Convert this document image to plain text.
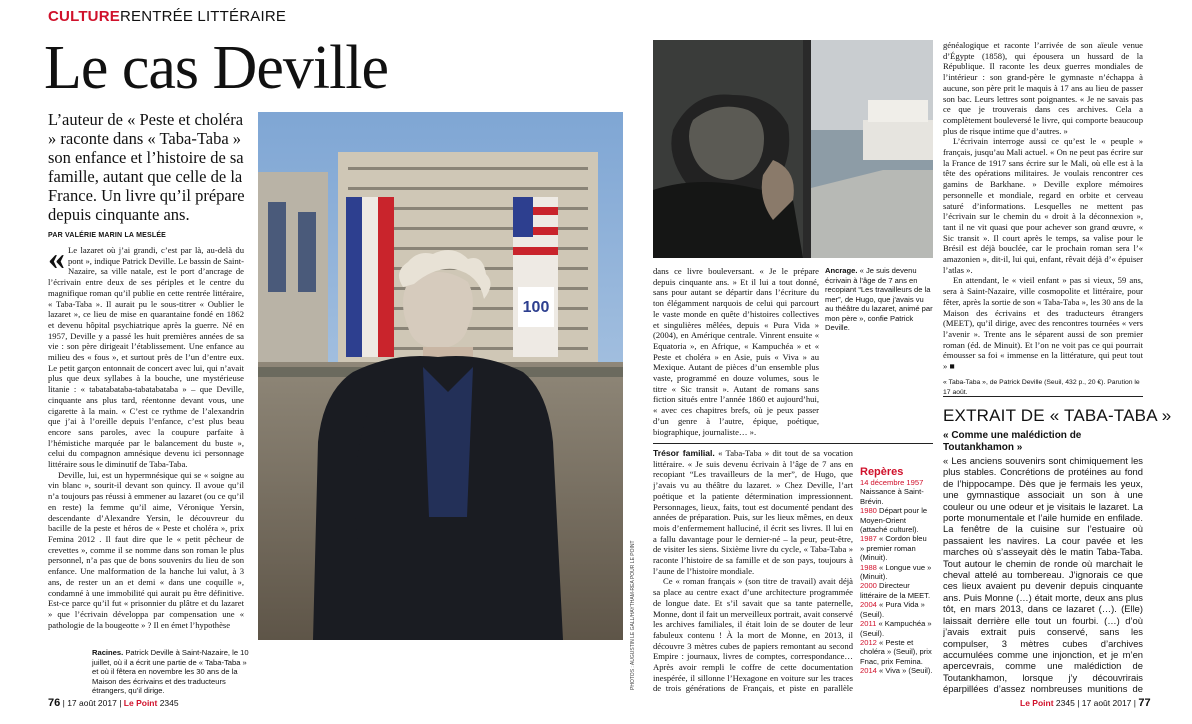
CULTURERENTRÉE LITTÉRAIRE
Le cas Deville
L’auteur de « Peste et choléra » raconte dans « Taba-Taba » son enfance et l’histoire de sa famille, autant que celle de la France. Un livre qu’il prépare depuis cinquante ans.
PAR VALÉRIE MARIN LA MESLÉE

« Le lazaret où j’ai grandi, c’est par là, au-delà du pont », indique Patrick Deville. Le bassin de Saint-Nazaire, sa ville natale, est le port d’ancrage de l’écrivain entre deux de ses périples et le centre du magnifique roman qu’il publie en cette rentrée littéraire, « Taba-Taba ». Il aurait pu le sous-titrer « Oublier le lazaret », ce lieu de mise en quarantaine fondé en 1862 et devenu hôpital psychiatrique après la guerre. Né en 1957, Deville y a passé les huit premières années de sa vie : son père dirigeait l’établissement. Une enfance au milieu des « fous », et surtout près de l’un d’entre eux. Le petit garçon entonnait de concert avec lui, qui n’avait plus que deux syllabes à la bouche, une mystérieuse litanie : « tabatabataba-tabatabataba » – que Deville, cinquante ans plus tard, réentonne devant vous, une cigarette à la main. « C’est ce rythme de l’alexandrin que j’ai à l’oreille depuis l’enfance, c’est plus beau encore sans paroles, avec la coupure parfaite à l’hémistiche marquée par le balancement du buste », celui du compagnon amnésique devenu ici personnage littéraire sous le diminutif de Taba-Taba.

Deville, lui, est un hypermnésique qui se « soigne au vin blanc », sourit-il devant son quincy. Il avoue qu’il n’a toujours pas réussi à emmener au lazaret (ou ce qu’il en reste) la femme qu’il aime, Véronique Yersin, descendante d’Alexandre Yersin, le découvreur du bacille de la peste et héros de « Peste et choléra », prix Femina 2012 . Il faut dire que le « petit pêcheur de crevettes », comme il se nomme dans son roman le plus personnel, n’a pas que de bons souvenirs du lieu de son enfance. Une malformation de la hanche lui valut, à 3 ans, de rester un an et demi « dans une coquille », condamné à une immobilité qui aurait pu être définitive. Est-ce parce qu’il fut « prisonnier du plâtre et du lazaret » que l’écrivain développa par compensation une « pathologie de la bougeotte » ? Il en émet l’hypothèse

100
Racines. Patrick Deville à Saint-Nazaire, le 10 juillet, où il a écrit une partie de « Taba-Taba » et où il fêtera en novembre les 30 ans de la Maison des écrivains et des traducteurs étrangers, qu’il dirige.
76 | 17 août 2017 | Le Point 2345
PHOTOS : AUGUSTIN LE GALL/HAYTHAM-REA POUR LE POINT
Ancrage. « Je suis devenu écrivain à l’âge de 7 ans en recopiant “Les travailleurs de la mer”, de Hugo, que j’avais vu au théâtre du lazaret, animé par mon père », confie Patrick Deville.

dans ce livre bouleversant. « Je le prépare depuis cinquante ans. » Et il lui a tout donné, sans pour autant se départir dans l’écriture du ton élégamment narquois de celui qui parcourt le vaste monde en quête d’histoires collectives et singulières mêlées, depuis « Pura Vida » (2004), en Amérique centrale. Vinrent ensuite « Equatoria », en Afrique, « Kampuchéa » et « Peste et choléra » en Asie, puis « Viva » au Mexique. Autant de pièces d’un ensemble plus vaste, programmé en douze volumes, sous le titre « Sic transit ». Autant de romans sans fiction situés entre l’année 1860 et aujourd’hui, « avec ces chapitres brefs, où je peux passer d’un genre à l’autre, épique, poétique, biographique, journaliste… ».

Trésor familial. « Taba-Taba » dit tout de sa vocation littéraire. « Je suis devenu écrivain à l’âge de 7 ans en recopiant “Les travailleurs de la mer”, de Hugo, que j’avais vu au théâtre du lazaret. » Chez Deville, l’art poétique et la patiente détermination impressionnent. Personnages, lieux, faits, tout est documenté pendant des années de préparation. Puis, sur les lieux mêmes, en deux mois d’enfermement halluciné, il écrit ses livres. Il lui en a fallu davantage pour le dernier-né – la peur, peut-être, de visiter les siens. Sixième livre du cycle, « Taba-Taba » raconte l’histoire de sa famille et de son pays, toujours à l’aune de l’histoire mondiale.

Ce « roman français » (son titre de travail) avait déjà sa place au centre exact d’une architecture programmée de longue date. Et s’il savait que sa tante paternelle, Monne, dont il fait un merveilleux portrait, avait conservé les archives familiales, il était loin de se douter de leur fabuleux contenu ! À la mort de Monne, en 2013, il découvre 3 mètres cubes de papiers remontant au second Empire : journaux, livres de comptes, correspondance… Après avoir rempli le coffre de cette documentation inespérée, il sillonne l’Hexagone en voiture sur les traces de trois générations de Français, et piste en parallèle

Repères
14 décembre 1957 Naissance à Saint-Brévin.
1980 Départ pour le Moyen-Orient (attaché culturel).
1987 « Cordon bleu » premier roman (Minuit).
1988 « Longue vue » (Minuit).
2000 Directeur littéraire de la MEET.
2004 « Pura Vida » (Seuil).
2011 « Kampuchéa » (Seuil).
2012 « Peste et choléra » (Seuil), prix Fnac, prix Femina.
2014 « Viva » (Seuil).

généalogique et raconte l’arrivée de son aïeule venue d’Égypte (1858), qui épousera un hussard de la République. Il raconte les deux guerres mondiales de l’intérieur : son grand-père le gymnaste n’échappa à aucune, son père prit le maquis à 17 ans au lieu de passer son bac. Leurs lettres sont poignantes. « Je ne savais pas ce que je trouverais dans ces archives. Cela a complètement bouleversé le livre, qui comporte beaucoup plus de risque intime que d’autres. »

L’écrivain interroge aussi ce qu’est le « peuple » français, jusqu’au Mali actuel. « On ne peut pas écrire sur la France de 1917 sans écrire sur le Mali, où elle est à la tête des opérations militaires. Je voulais rencontrer ces gamins de Barkhane. » Deville explore mémoires personnelle et mondiale, regard en orbite et cerveau saturé d’informations. Lesquelles ne mettent pas l’écrivain sur le chemin du « droit à la déconnexion », tant il ne vit quasi que pour achever son grand œuvre, « Sic transit ». Il court après le temps, sa valise pour le Brésil est déjà bouclée, car le prochain roman sera l’« amazonien », dit-il, lui qui, enfant, rêvait déjà d’« épuiser l’atlas ».

En attendant, le « vieil enfant » pas si vieux, 59 ans, sera à Saint-Nazaire, ville cosmopolite et littéraire, pour fêter, après la sortie de son « Taba-Taba », les 30 ans de la Maison des écrivains et des traducteurs étrangers (MEET), qu’il dirige, avec des rencontres tournées « vers l’avenir ». Trente ans le séparent aussi de son premier roman (éd. de Minuit). Et l’on ne voit pas ce qui pourrait émousser sa foi « immense en la littérature, qui peut tout » ■

« Taba-Taba », de Patrick Deville (Seuil, 432 p., 20 €). Parution le 17 août.
EXTRAIT DE « TABA-TABA »
« Comme une malédiction de Toutankhamon »
« Les anciens souvenirs sont chimiquement les plus stables. Concrétions de protéines au fond de l’hippocampe. Dès que je fermais les yeux, une gymnastique associait un son à une couleur ou une odeur et je visitais le lazaret. La porte monumentale et l’aile humide en enfilade. La fenêtre de la cuisine sur l’estuaire où passaient les navires. La cour pavée et les marches où s’asseyait dès le matin Taba-Taba. Tout autour le chemin de ronde où marchait le cheval attelé au tombereau. J’ignorais ce que ces lieux avaient pu devenir depuis cinquante ans. Puis Monne (…) était morte, deux ans plus tôt, en mars 2013, dans ce lazaret (…). (Elle) laissait derrière elle tout un fourbi. (…) d’où j’avais extrait puis conservé, sans les compulser, 3 mètres cubes d’archives accumulées comme une injonction, et je m’en apercevrais, comme une malédiction de Toutankhamon, lorsque j’y découvrirais éparpillées d’assez nombreuses munitions de
Le Point 2345 | 17 août 2017 | 77
